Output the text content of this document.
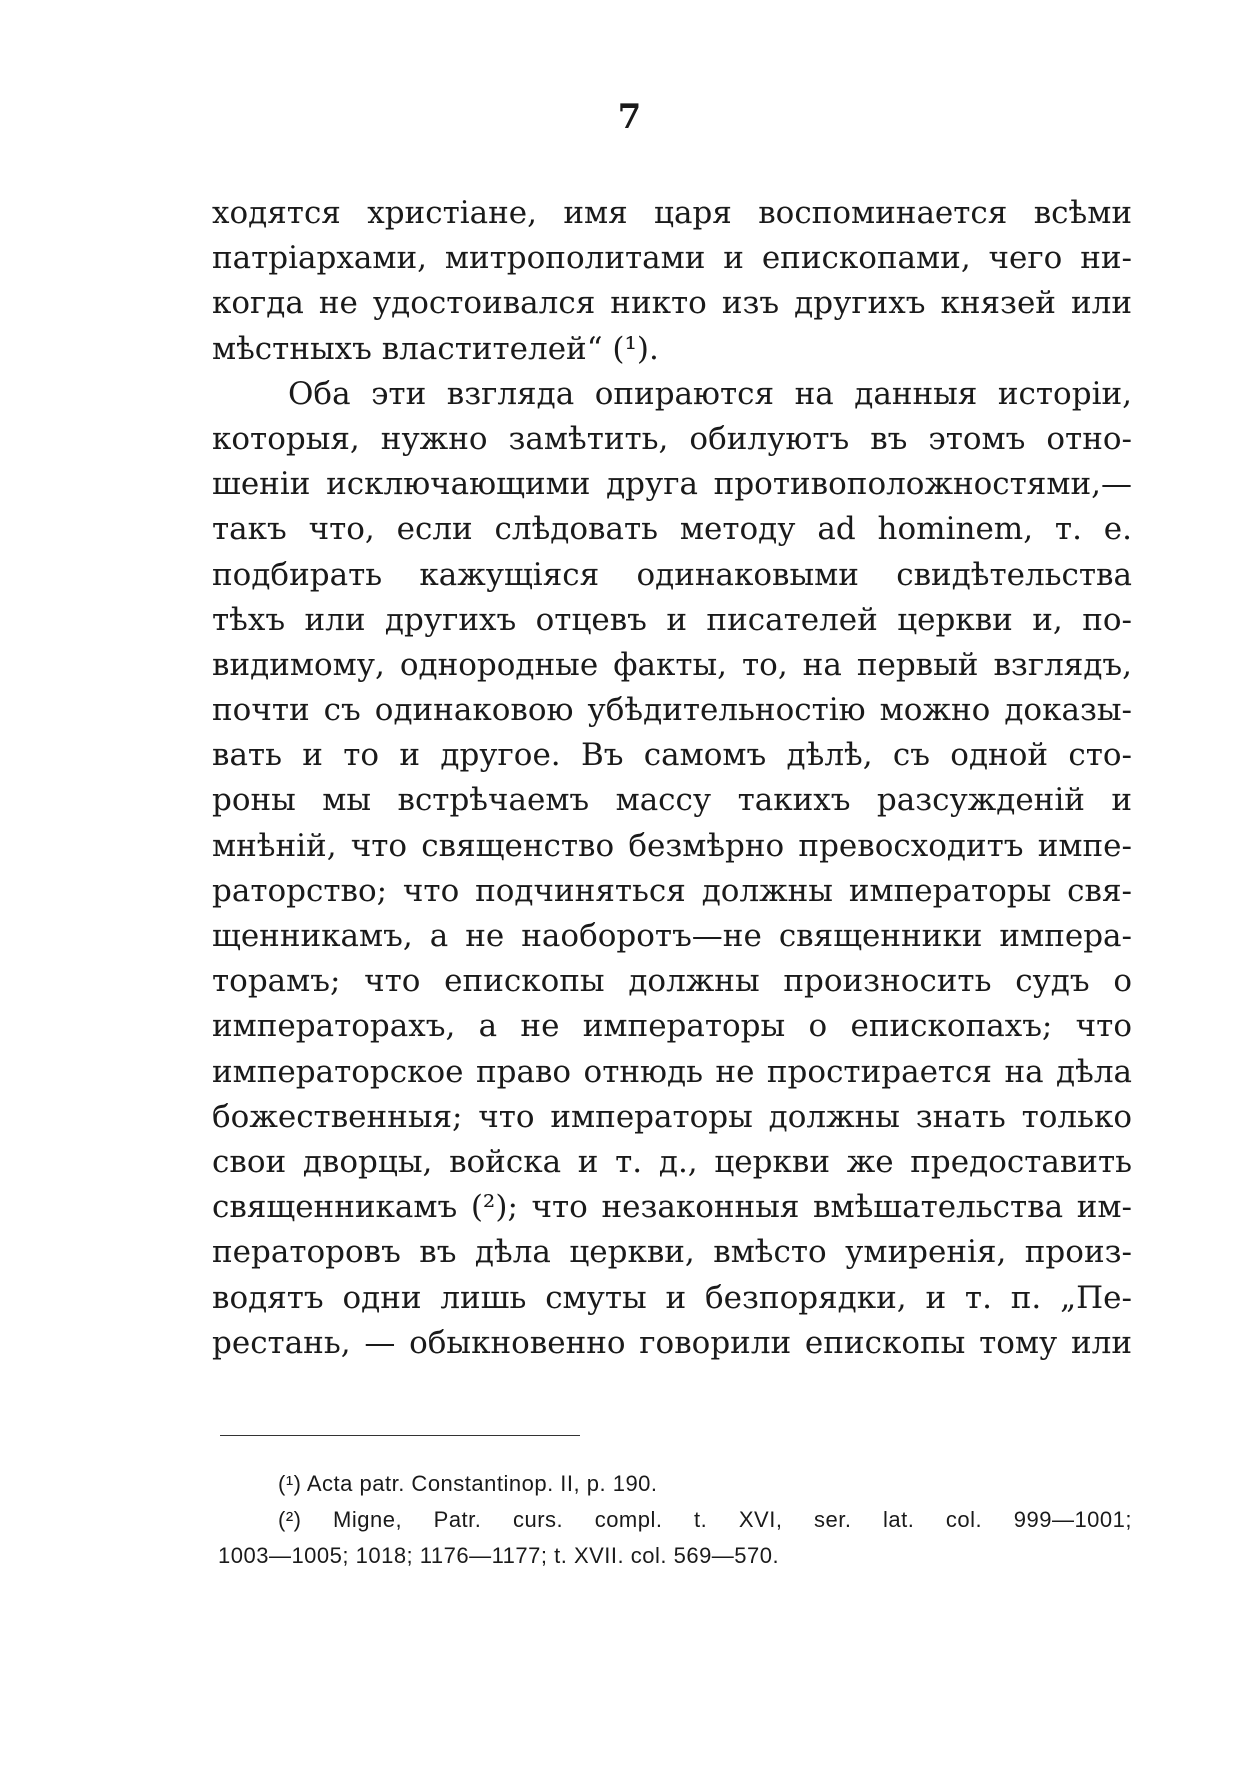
7
ходятся христіане, имя царя воспоминается всѣми
патріархами, митрополитами и епископами, чего ни-
когда не удостоивался никто изъ другихъ князей или
мѣстныхъ властителей“ (¹).
Оба эти взгляда опираются на данныя исторіи,
которыя, нужно замѣтить, обилуютъ въ этомъ отно-
шеніи исключающими друга противоположностями,—
такъ что, если слѣдовать методу ad hominem, т. е.
подбирать кажущіяся одинаковыми свидѣтельства
тѣхъ или другихъ отцевъ и писателей церкви и, по-
видимому, однородные факты, то, на первый взглядъ,
почти съ одинаковою убѣдительностію можно доказы-
вать и то и другое. Въ самомъ дѣлѣ, съ одной сто-
роны мы встрѣчаемъ массу такихъ разсужденій и
мнѣній, что священство безмѣрно превосходитъ импе-
раторство; что подчиняться должны императоры свя-
щенникамъ, а не наоборотъ—не священники импера-
торамъ; что епископы должны произносить судъ о
императорахъ, а не императоры о епископахъ; что
императорское право отнюдь не простирается на дѣла
божественныя; что императоры должны знать только
свои дворцы, войска и т. д., церкви же предоставить
священникамъ (²); что незаконныя вмѣшательства им-
ператоровъ въ дѣла церкви, вмѣсто умиренія, произ-
водятъ одни лишь смуты и безпорядки, и т. п. „Пе-
рестань, — обыкновенно говорили епископы тому или
(¹) Acta patr. Constantinop. II, p. 190.
(²) Migne, Patr. curs. compl. t. XVI, ser. lat. col. 999—1001;
1003—1005; 1018; 1176—1177; t. XVII. col. 569—570.
